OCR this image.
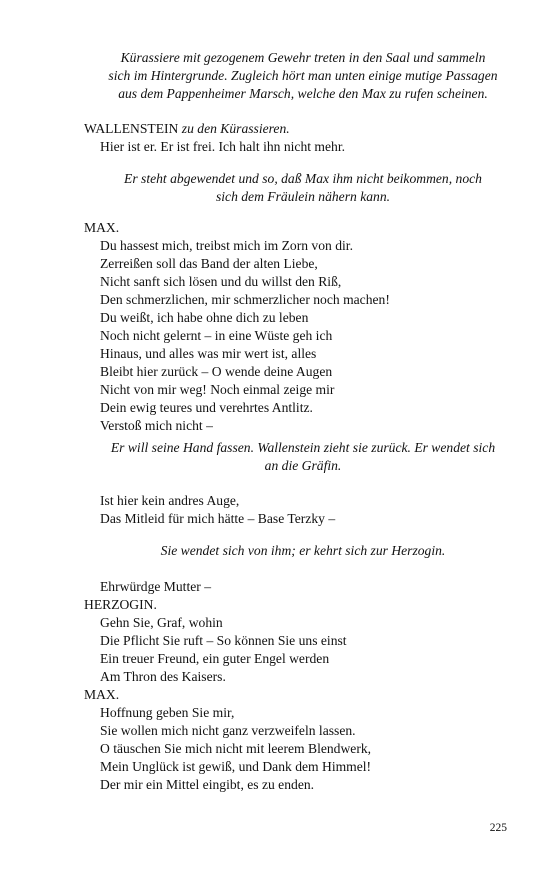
Kürassiere mit gezogenem Gewehr treten in den Saal und sammeln

sich im Hintergrunde. Zugleich hört man unten einige mutige Passagen

aus dem Pappenheimer Marsch, welche den Max zu rufen scheinen.

WALLENSTEIN zu den Kürassieren.

Hier ist er. Er ist frei. Ich halt ihn nicht mehr.

Er steht abgewendet und so, daß Max ihm nicht beikommen, noch

sich dem Fräulein nähern kann.

MAX.

Du hassest mich, treibst mich im Zorn von dir.

Zerreißen soll das Band der alten Liebe,

Nicht sanft sich lösen und du willst den Riß,

Den schmerzlichen, mir schmerzlicher noch machen!

Du weißt, ich habe ohne dich zu leben

Noch nicht gelernt – in eine Wüste geh ich

Hinaus, und alles was mir wert ist, alles

Bleibt hier zurück – O wende deine Augen

Nicht von mir weg! Noch einmal zeige mir

Dein ewig teures und verehrtes Antlitz.

Verstoß mich nicht –

Er will seine Hand fassen. Wallenstein zieht sie zurück. Er wendet sich

an die Gräfin.

Ist hier kein andres Auge,

Das Mitleid für mich hätte – Base Terzky –

Sie wendet sich von ihm; er kehrt sich zur Herzogin.

Ehrwürdge Mutter –

HERZOGIN.

Gehn Sie, Graf, wohin

Die Pflicht Sie ruft – So können Sie uns einst

Ein treuer Freund, ein guter Engel werden

Am Thron des Kaisers.

MAX.

Hoffnung geben Sie mir,

Sie wollen mich nicht ganz verzweifeln lassen.

O täuschen Sie mich nicht mit leerem Blendwerk,

Mein Unglück ist gewiß, und Dank dem Himmel!

Der mir ein Mittel eingibt, es zu enden.

225
